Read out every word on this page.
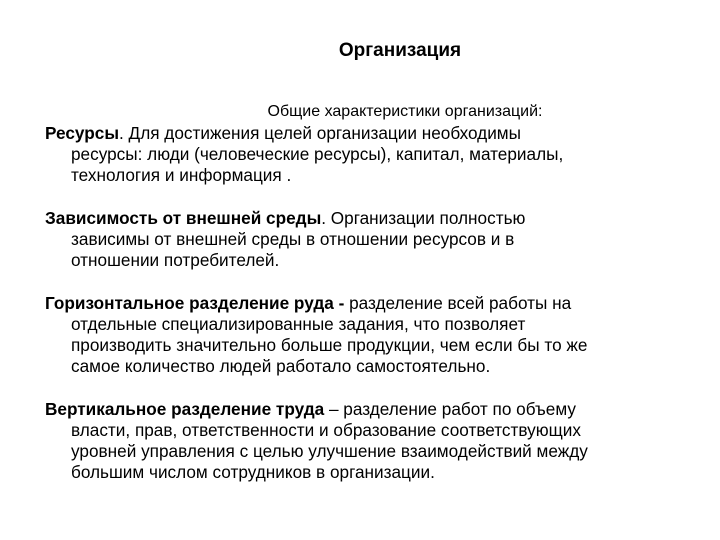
Организация
Общие характеристики организаций:

Ресурсы. Для достижения целей организации необходимы
ресурсы: люди (человеческие ресурсы), капитал, материалы,
технология и информация .

Зависимость от внешней среды. Организации полностью
зависимы от внешней среды в отношении ресурсов и в
отношении потребителей.

Горизонтальное разделение руда - разделение всей работы на
отдельные специализированные задания, что позволяет
производить значительно больше продукции, чем если бы то же
самое количество людей работало самостоятельно.

Вертикальное разделение труда – разделение работ по объему
власти, прав, ответственности и образование соответствующих
уровней управления с целью улучшение взаимодействий между
большим числом сотрудников в организации.
